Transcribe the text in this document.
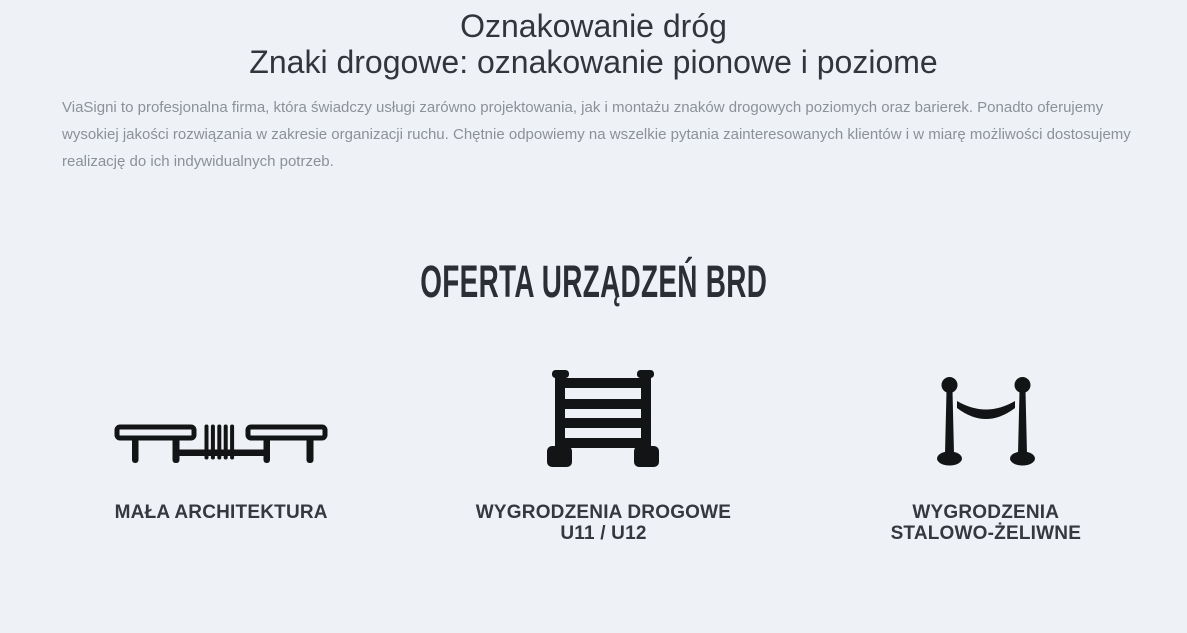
Oznakowanie dróg
Znaki drogowe: oznakowanie pionowe i poziome

ViaSigni to profesjonalna firma, która świadczy usługi zarówno projektowania, jak i montażu znaków drogowych poziomych oraz barierek. Ponadto oferujemy
wysokiej jakości rozwiązania w zakresie organizacji ruchu. Chętnie odpowiemy na wszelkie pytania zainteresowanych klientów i w miarę możliwości dostosujemy
realizację do ich indywidualnych potrzeb.

OFERTA URZĄDZEŃ BRD
MAŁA ARCHITEKTURA	WYGRODZENIA DROGOWE
U11 / U12
WYGRODZENIA
STALOWO-ŻELIWNE
